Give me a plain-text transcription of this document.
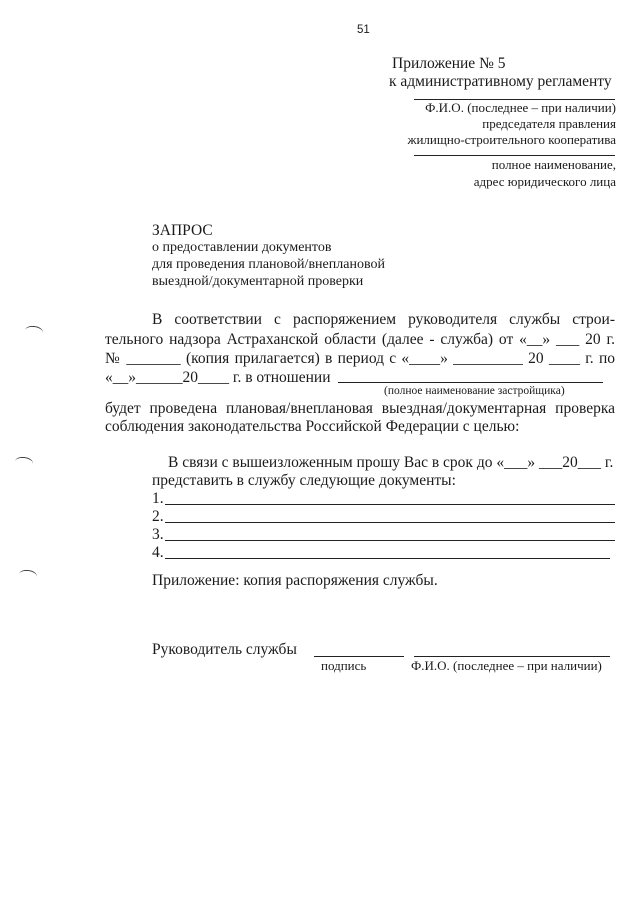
51
Приложение № 5
к административному регламенту
Ф.И.О. (последнее – при наличии)
председателя правления
жилищно-строительного кооператива
полное наименование,
адрес юридического лица
ЗАПРОС
о предоставлении документов
для проведения плановой/внеплановой
выездной/документарной проверки
В соответствии с распоряжением руководителя службы строи-
тельного надзора Астраханской области (далее - служба) от «__» ___ 20 г.
№ _______ (копия прилагается) в период с «____» _________ 20 ____ г. по
«__»______20____ г. в отношении
(полное наименование застройщика)
будет проведена плановая/внеплановая выездная/документарная проверка
соблюдения законодательства Российской Федерации с целью:
В связи с вышеизложенным прошу Вас в срок до «___» ___20___ г.
представить в службу следующие документы:
1.
2.
3.
4.
Приложение: копия распоряжения службы.
Руководитель службы
подпись	Ф.И.О. (последнее – при наличии)
